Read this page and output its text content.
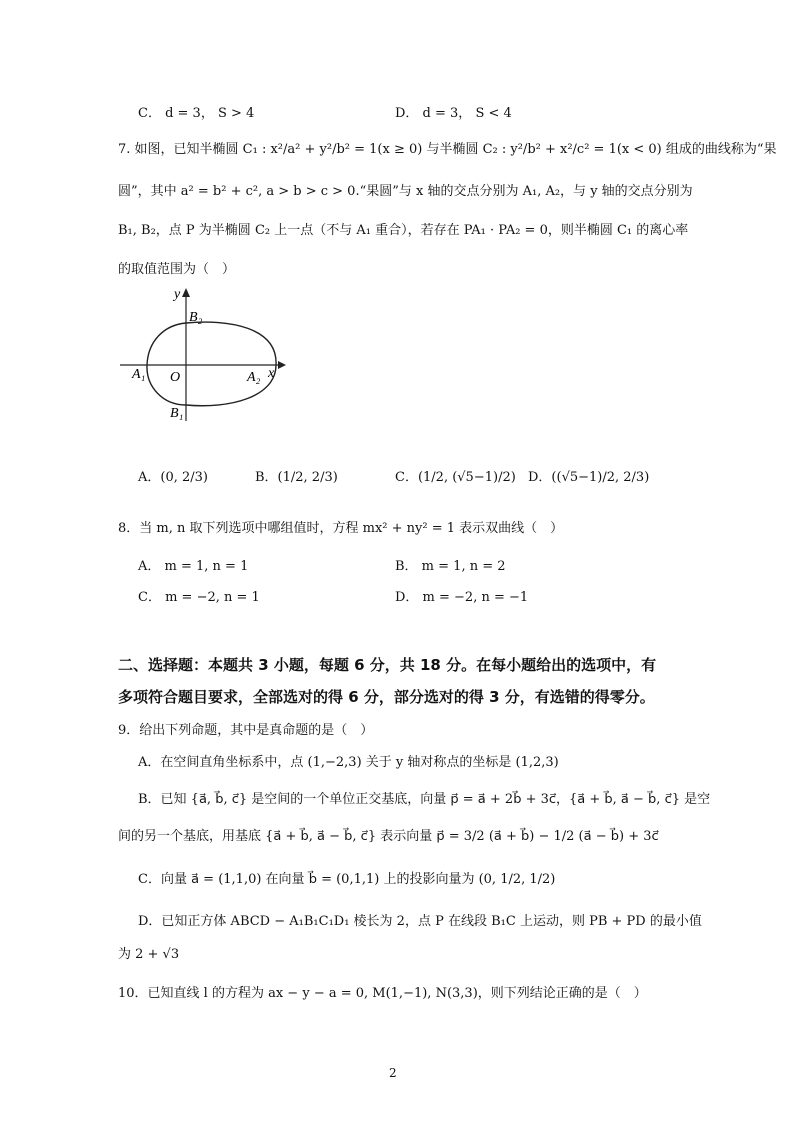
C． d = 3， S > 4	D． d = 3， S < 4
7. 如图，已知半椭圆 C₁ : x²/a² + y²/b² = 1(x ≥ 0) 与半椭圆 C₂ : y²/b² + x²/c² = 1(x < 0) 组成的曲线称为“果
圆”，其中 a² = b² + c², a > b > c > 0.“果圆”与 x 轴的交点分别为 A₁, A₂，与 y 轴的交点分别为
B₁, B₂，点 P 为半椭圆 C₂ 上一点（不与 A₁ 重合），若存在 PA₁ · PA₂ = 0，则半椭圆 C₁ 的离心率
的取值范围为（　）
y
x
O
A₁	A₂
B₁
B₂
A．(0, 2/3)	B．(1/2, 2/3)	C．(1/2, (√5−1)/2) D．((√5−1)/2, 2/3)
8．当 m, n 取下列选项中哪组值时，方程 mx² + ny² = 1 表示双曲线（　）
A． m = 1, n = 1	B． m = 1, n = 2
C． m = −2, n = 1	D． m = −2, n = −1
二、选择题：本题共 3 小题，每题 6 分，共 18 分。在每小题给出的选项中，有
多项符合题目要求，全部选对的得 6 分，部分选对的得 3 分，有选错的得零分。
9．给出下列命题，其中是真命题的是（　）
A．在空间直角坐标系中，点 (1,−2,3) 关于 y 轴对称点的坐标是 (1,2,3)
B．已知 {a⃗, b⃗, c⃗} 是空间的一个单位正交基底，向量 p⃗ = a⃗ + 2b⃗ + 3c⃗，{a⃗ + b⃗, a⃗ − b⃗, c⃗} 是空
间的另一个基底，用基底 {a⃗ + b⃗, a⃗ − b⃗, c⃗} 表示向量 p⃗ = 3/2 (a⃗ + b⃗) − 1/2 (a⃗ − b⃗) + 3c⃗
C．向量 a⃗ = (1,1,0) 在向量 b⃗ = (0,1,1) 上的投影向量为 (0, 1/2, 1/2)
D．已知正方体 ABCD − A₁B₁C₁D₁ 棱长为 2，点 P 在线段 B₁C 上运动，则 PB + PD 的最小值
为 2 + √3
10．已知直线 l 的方程为 ax − y − a = 0, M(1,−1), N(3,3)，则下列结论正确的是（　）
2
